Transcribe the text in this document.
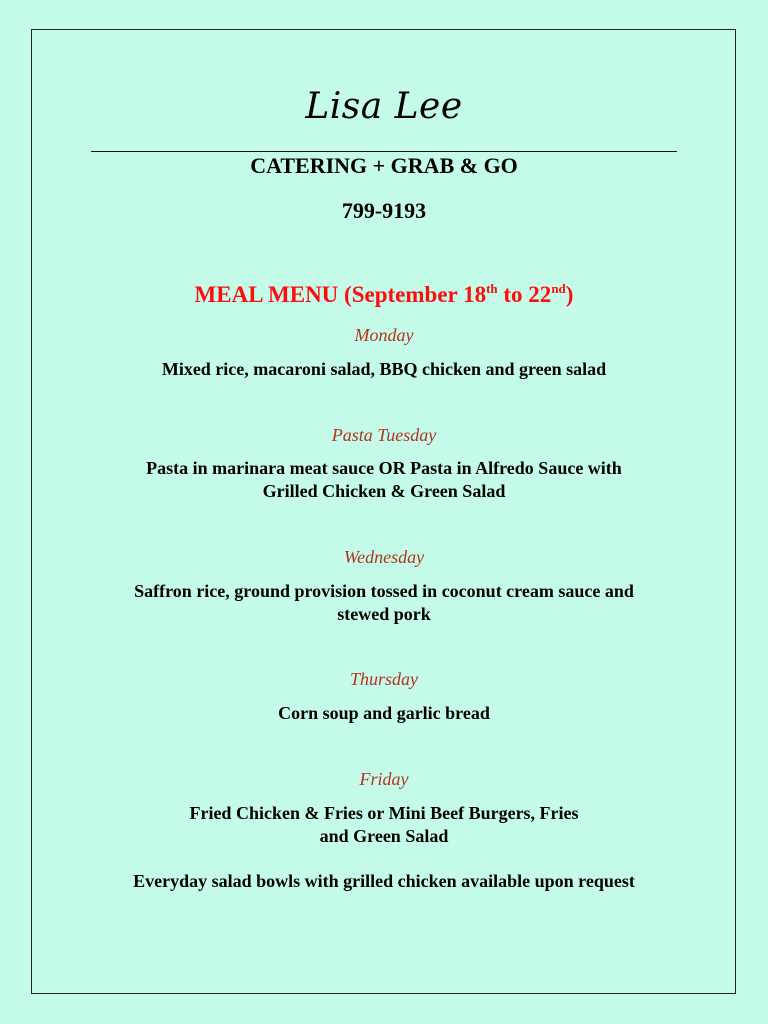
Lisa Lee
CATERING + GRAB & GO
799-9193
MEAL MENU (September 18th to 22nd)
Monday
Mixed rice, macaroni salad, BBQ chicken and green salad
Pasta Tuesday
Pasta in marinara meat sauce OR Pasta in Alfredo Sauce with
Grilled Chicken & Green Salad
Wednesday
Saffron rice, ground provision tossed in coconut cream sauce and
stewed pork
Thursday
Corn soup and garlic bread
Friday
Fried Chicken & Fries or Mini Beef Burgers, Fries
and Green Salad
Everyday salad bowls with grilled chicken available upon request
